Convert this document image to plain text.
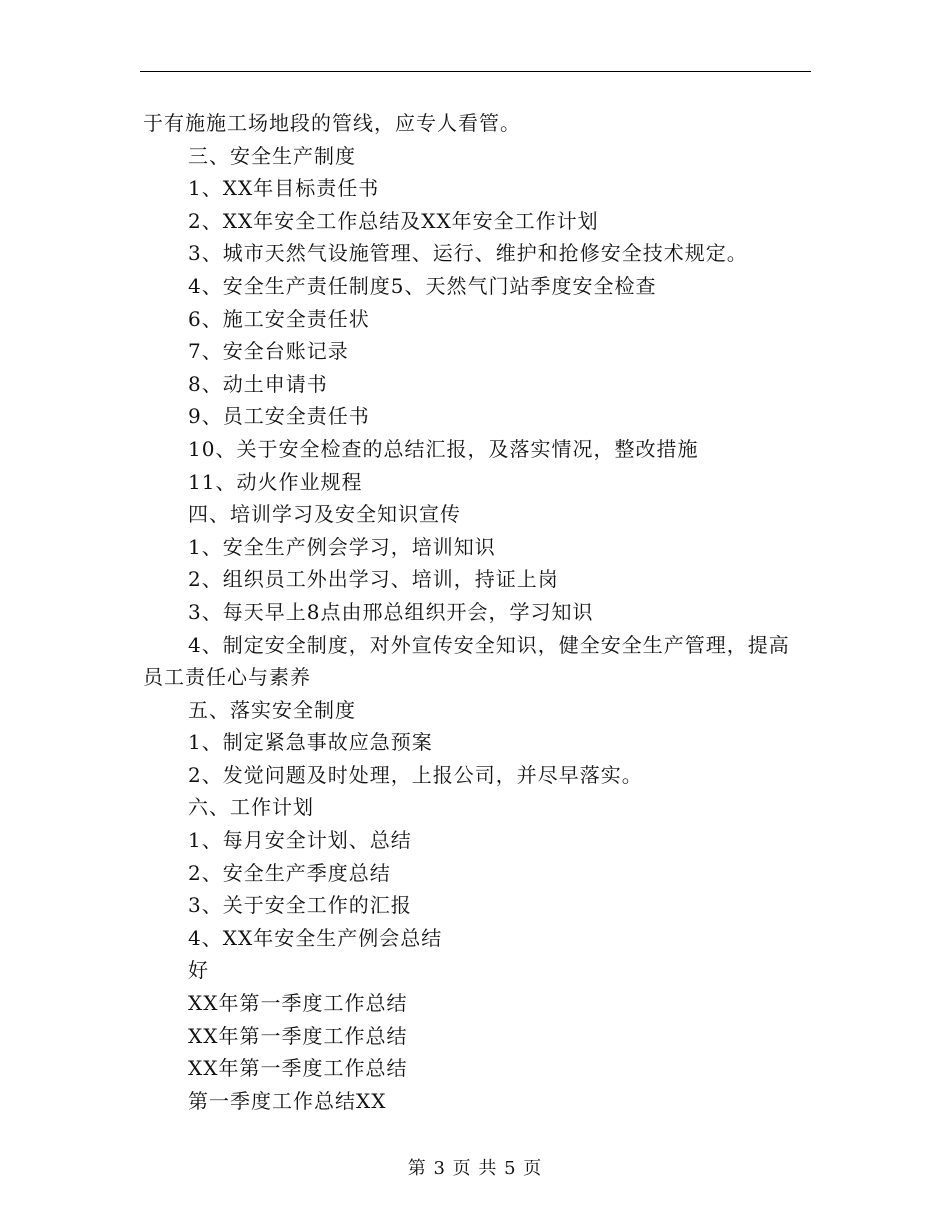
于有施施工场地段的管线，应专人看管。
三、安全生产制度
1、XX年目标责任书
2、XX年安全工作总结及XX年安全工作计划
3、城市天然气设施管理、运行、维护和抢修安全技术规定。
4、安全生产责任制度5、天然气门站季度安全检查
6、施工安全责任状
7、安全台账记录
8、动土申请书
9、员工安全责任书
10、关于安全检查的总结汇报，及落实情况，整改措施
11、动火作业规程
四、培训学习及安全知识宣传
1、安全生产例会学习，培训知识
2、组织员工外出学习、培训，持证上岗
3、每天早上8点由邢总组织开会，学习知识
4、制定安全制度，对外宣传安全知识，健全安全生产管理，提高
员工责任心与素养
五、落实安全制度
1、制定紧急事故应急预案
2、发觉问题及时处理，上报公司，并尽早落实。
六、工作计划
1、每月安全计划、总结
2、安全生产季度总结
3、关于安全工作的汇报
4、XX年安全生产例会总结
好
XX年第一季度工作总结
XX年第一季度工作总结
XX年第一季度工作总结
第一季度工作总结XX
第 3 页 共 5 页
